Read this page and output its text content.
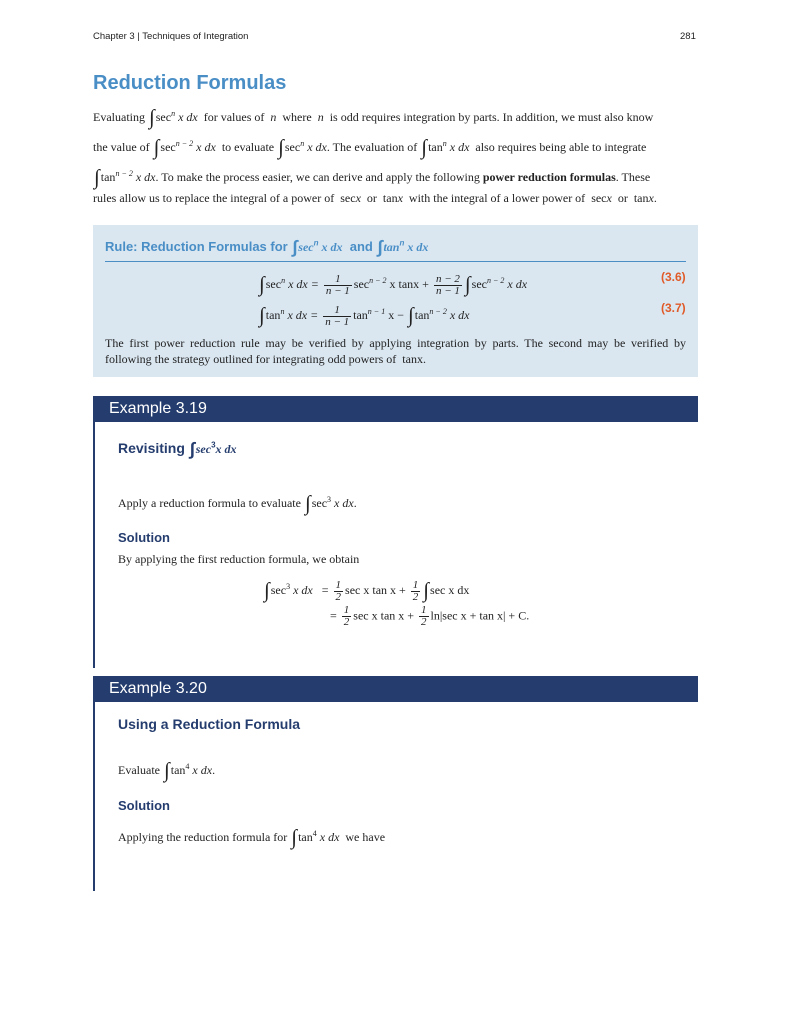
Chapter 3 | Techniques of Integration	281
Reduction Formulas
Evaluating $\int\sec^n$ x dx for values of n where n is odd requires integration by parts. In addition, we must also know
the value of $\int\sec^{n - 2}$ x dx to evaluate $\int\sec^n$ x dx. The evaluation of $\int\tan^n$ x dx also requires being able to integrate
$\int\tan^{n - 2}$ x dx. To make the process easier, we can derive and apply the following power reduction formulas. These
rules allow us to replace the integral of a power of secx or tanx with the integral of a lower power of secx or tanx.
Rule: Reduction Formulas for $\int\sec^n$ x dx and $\int\tan^n$ x dx
$\int\sec^n$ x dx = $\frac{1}{n - 1} \sec^{n - 2} x$ $\tan x + \frac{n - 2}{n - 1} \int\sec^{n - 2}$ x dx	(3.6)
$\int\tan^n$ x dx = $\frac{1}{n - 1} \tan^{n - 1} x - \int\tan^{n - 2}$ x dx	(3.7)
The first power reduction rule may be verified by applying integration by parts. The second may be verified by following the strategy outlined for integrating odd powers of tanx.
Example 3.19
Revisiting $\int\sec^3x$ dx
Apply a reduction formula to evaluate $\int\sec^3$ x dx.
Solution
By applying the first reduction formula, we obtain
$\int\sec^3$ x dx = $\frac{1}{2}$ sec x $\tan x + \frac{1}{2} \int\sec$ x dx
= $\frac{1}{2}$ sec x $\tan x + \frac{1}{2} \ln|\sec$ x + tan x| + C.
Example 3.20
Using a Reduction Formula
Evaluate $\int\tan^4$ x dx.
Solution
Applying the reduction formula for $\int\tan^4$ x dx we have
